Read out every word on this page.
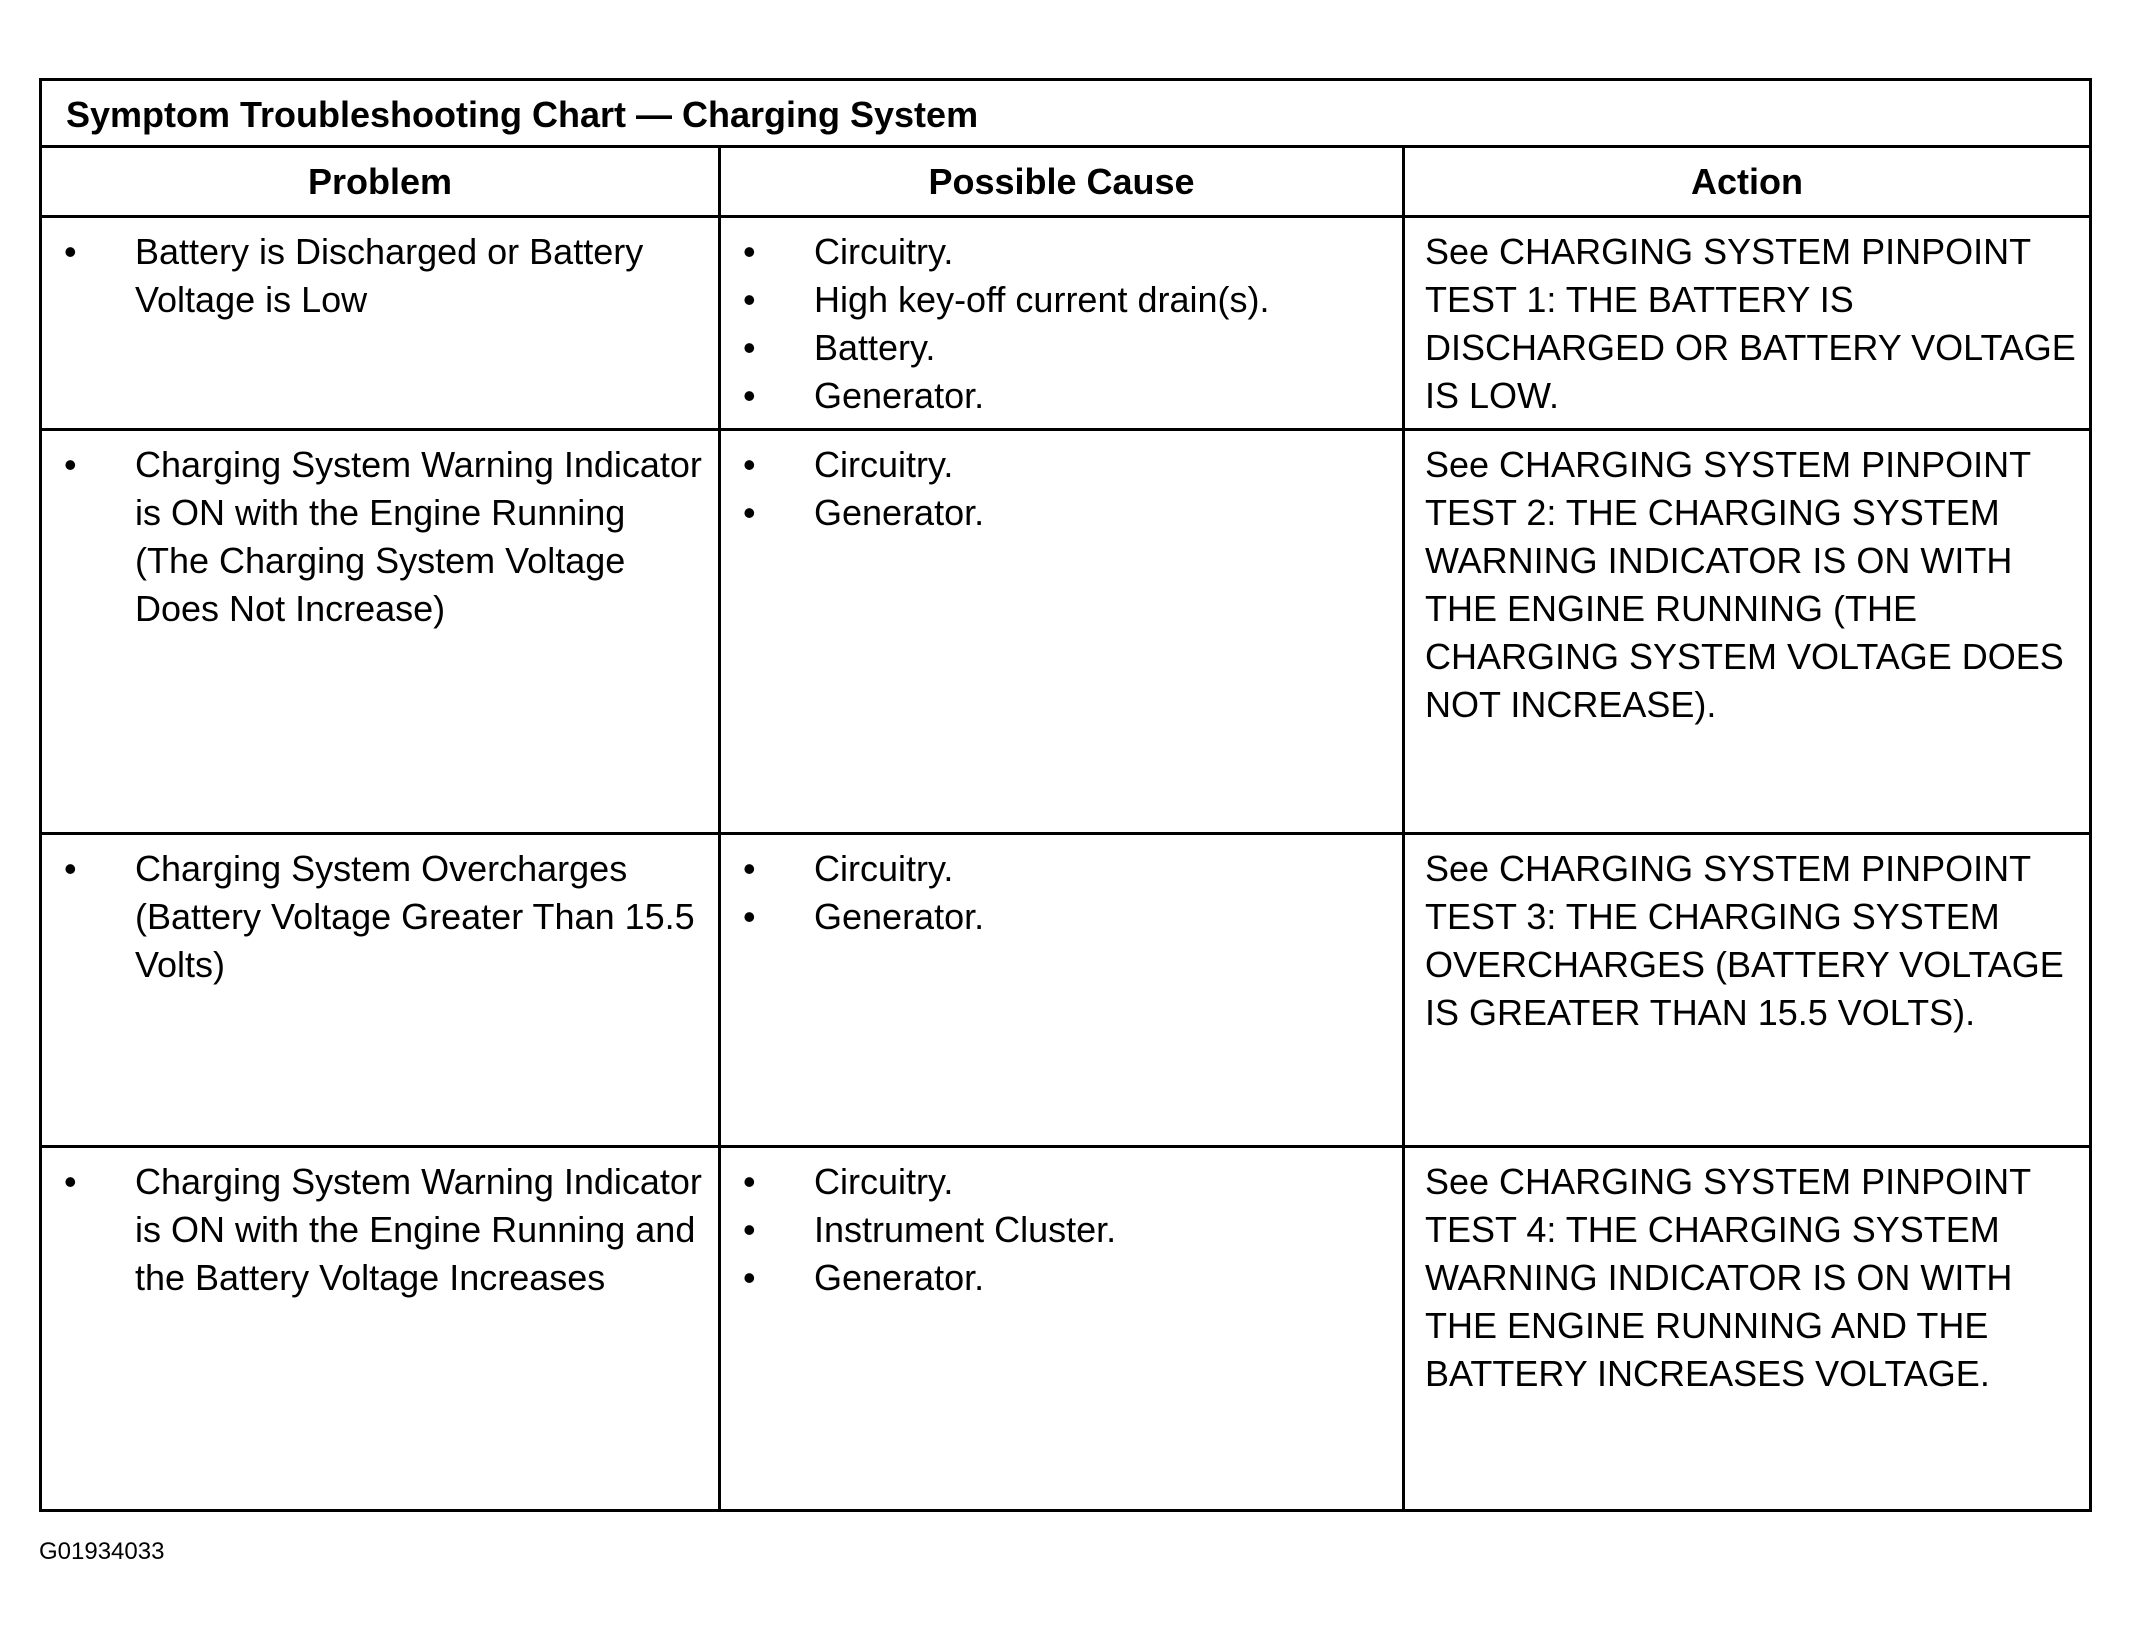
Symptom Troubleshooting Chart — Charging System
Problem	Possible Cause	Action
• Battery is Discharged or Battery Voltage is Low
• Circuitry.
• High key-off current drain(s).
• Battery.
• Generator.
See CHARGING SYSTEM PINPOINT TEST 1: THE BATTERY IS DISCHARGED OR BATTERY VOLTAGE IS LOW.
• Charging System Warning Indicator is ON with the Engine Running (The Charging System Voltage Does Not Increase)
• Circuitry.
• Generator.
See CHARGING SYSTEM PINPOINT TEST 2: THE CHARGING SYSTEM WARNING INDICATOR IS ON WITH THE ENGINE RUNNING (THE CHARGING SYSTEM VOLTAGE DOES NOT INCREASE).
• Charging System Overcharges (Battery Voltage Greater Than 15.5 Volts)
• Circuitry.
• Generator.
See CHARGING SYSTEM PINPOINT TEST 3: THE CHARGING SYSTEM OVERCHARGES (BATTERY VOLTAGE IS GREATER THAN 15.5 VOLTS).
• Charging System Warning Indicator is ON with the Engine Running and the Battery Voltage Increases
• Circuitry.
• Instrument Cluster.
• Generator.
See CHARGING SYSTEM PINPOINT TEST 4: THE CHARGING SYSTEM WARNING INDICATOR IS ON WITH THE ENGINE RUNNING AND THE BATTERY INCREASES VOLTAGE.
G01934033
